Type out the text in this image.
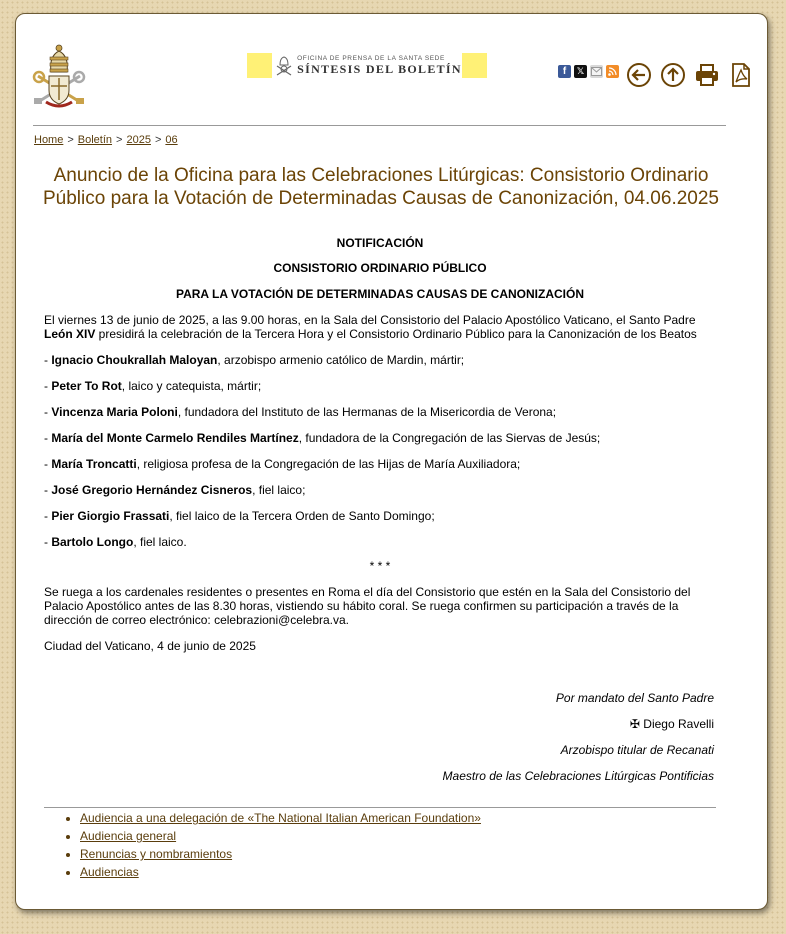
OFICINA DE PRENSA DE LA SANTA SEDE
SÍNTESIS DEL BOLETÍN	f	𝕏
Home > Boletín > 2025 > 06
Anuncio de la Oficina para las Celebraciones Litúrgicas: Consistorio Ordinario Público para la Votación de Determinadas Causas de Canonización, 04.06.2025

NOTIFICACIÓN

CONSISTORIO ORDINARIO PÚBLICO

PARA LA VOTACIÓN DE DETERMINADAS CAUSAS DE CANONIZACIÓN

El viernes 13 de junio de 2025, a las 9.00 horas, en la Sala del Consistorio del Palacio Apostólico Vaticano, el Santo Padre León XIV presidirá la celebración de la Tercera Hora y el Consistorio Ordinario Público para la Canonización de los Beatos

- Ignacio Choukrallah Maloyan, arzobispo armenio católico de Mardin, mártir;

- Peter To Rot, laico y catequista, mártir;

- Vincenza Maria Poloni, fundadora del Instituto de las Hermanas de la Misericordia de Verona;

- María del Monte Carmelo Rendiles Martínez, fundadora de la Congregación de las Siervas de Jesús;

- María Troncatti, religiosa profesa de la Congregación de las Hijas de María Auxiliadora;

- José Gregorio Hernández Cisneros, fiel laico;

- Pier Giorgio Frassati, fiel laico de la Tercera Orden de Santo Domingo;

- Bartolo Longo, fiel laico.

* * *

Se ruega a los cardenales residentes o presentes en Roma el día del Consistorio que estén en la Sala del Consistorio del Palacio Apostólico antes de las 8.30 horas, vistiendo su hábito coral. Se ruega confirmen su participación a través de la dirección de correo electrónico: celebrazioni@celebra.va.

Ciudad del Vaticano, 4 de junio de 2025

Por mandato del Santo Padre

✠ Diego Ravelli

Arzobispo titular de Recanati

Maestro de las Celebraciones Litúrgicas Pontificias

• Audiencia a una delegación de «The National Italian American Foundation»
• Audiencia general
• Renuncias y nombramientos
• Audiencias
